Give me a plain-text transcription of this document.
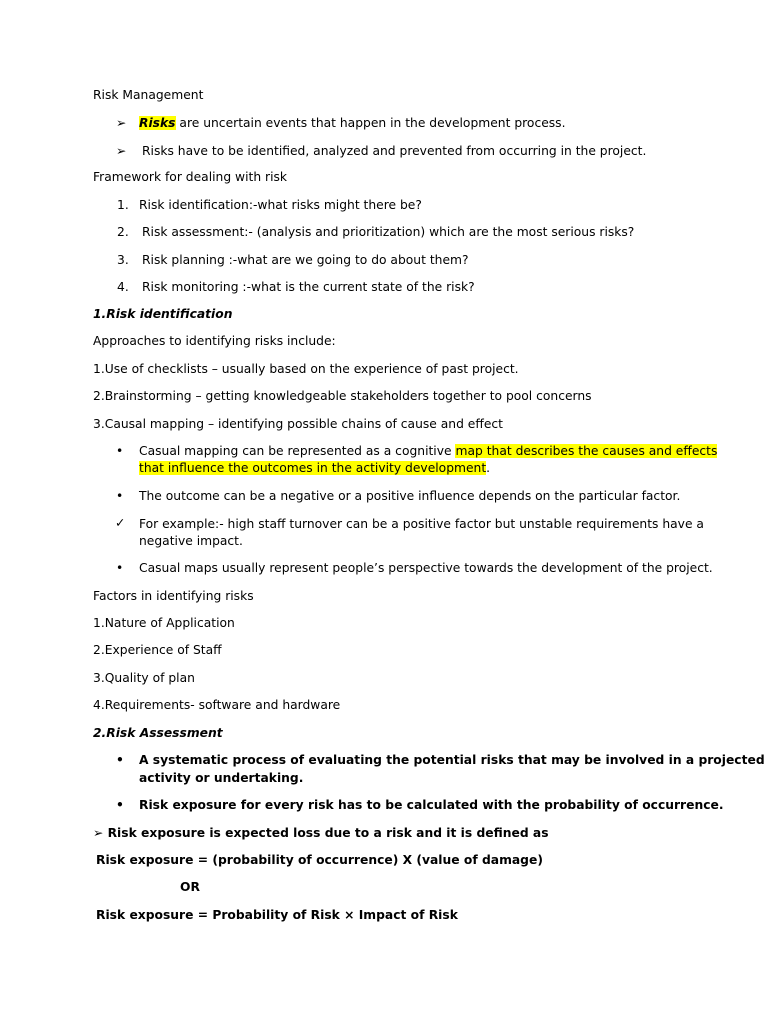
Risk Management
➢ Risks are uncertain events that happen in the development process.
➢ Risks have to be identified, analyzed and prevented from occurring in the project.
Framework for dealing with risk
1. Risk identification:-what risks might there be?
2. Risk assessment:- (analysis and prioritization) which are the most serious risks?
3. Risk planning :-what are we going to do about them?
4. Risk monitoring :-what is the current state of the risk?
1.Risk identification
Approaches to identifying risks include:
1.Use of checklists – usually based on the experience of past project.
2.Brainstorming – getting knowledgeable stakeholders together to pool concerns
3.Causal mapping – identifying possible chains of cause and effect
• Casual mapping can be represented as a cognitive map that describes the causes and effects
that influence the outcomes in the activity development.
• The outcome can be a negative or a positive influence depends on the particular factor.
✓ For example:- high staff turnover can be a positive factor but unstable requirements have a
negative impact.
• Casual maps usually represent people’s perspective towards the development of the project.
Factors in identifying risks
1.Nature of Application
2.Experience of Staff
3.Quality of plan
4.Requirements- software and hardware
2.Risk Assessment
• A systematic process of evaluating the potential risks that may be involved in a projected
activity or undertaking.
• Risk exposure for every risk has to be calculated with the probability of occurrence.
➢ Risk exposure is expected loss due to a risk and it is defined as
Risk exposure = (probability of occurrence) X (value of damage)
OR
Risk exposure = Probability of Risk × Impact of Risk
